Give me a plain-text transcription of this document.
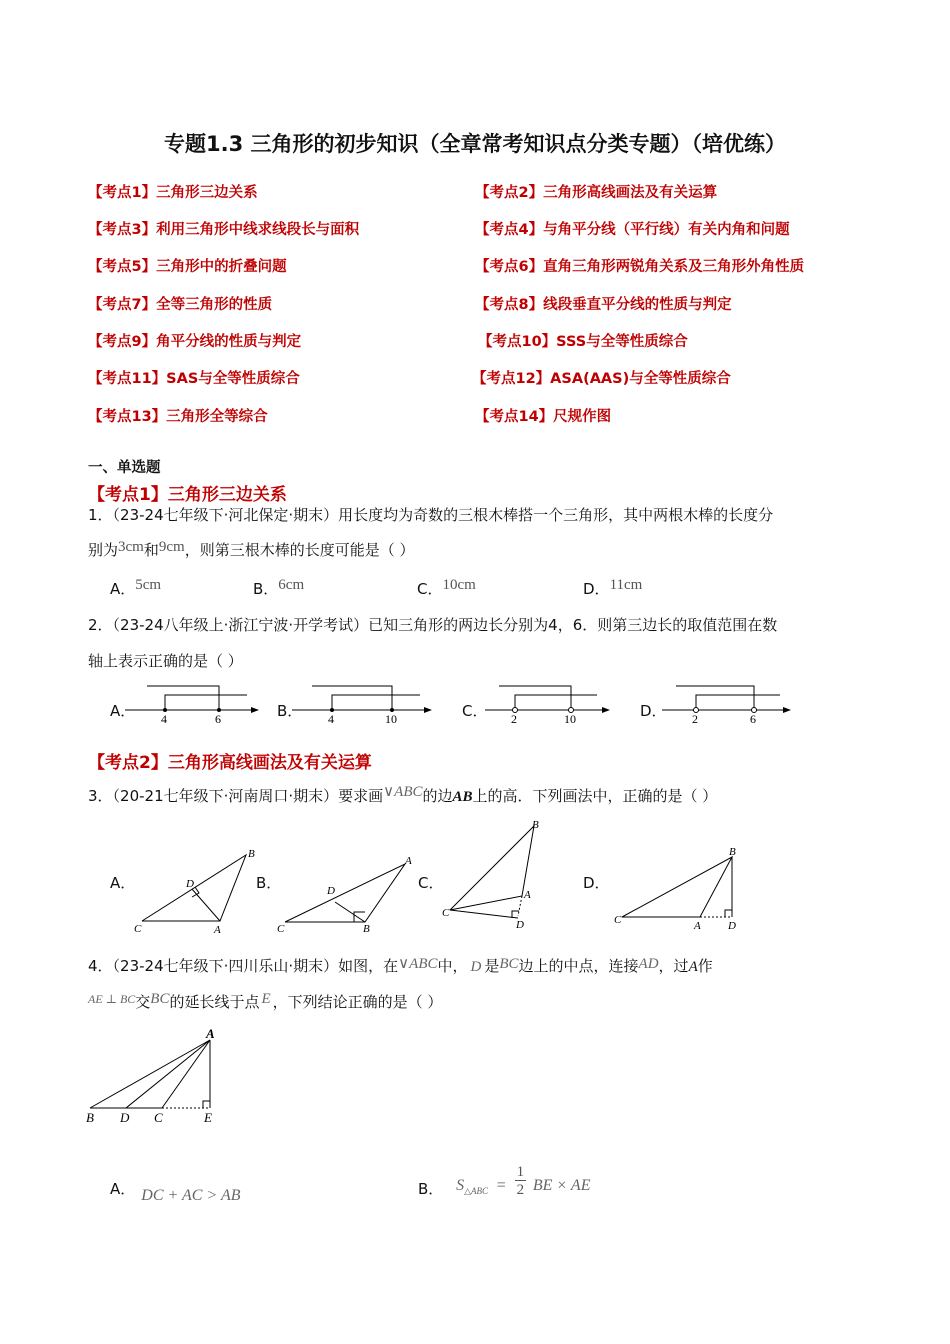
专题1.3 三角形的初步知识（全章常考知识点分类专题）（培优练）
【考点1】三角形三边关系	【考点2】三角形高线画法及有关运算
【考点3】利用三角形中线求线段长与面积	【考点4】与角平分线（平行线）有关内角和问题
【考点5】三角形中的折叠问题	【考点6】直角三角形两锐角关系及三角形外角性质
【考点7】全等三角形的性质	【考点8】线段垂直平分线的性质与判定
【考点9】角平分线的性质与判定	【考点10】SSS与全等性质综合
【考点11】SAS与全等性质综合	【考点12】ASA(AAS)与全等性质综合
【考点13】三角形全等综合	【考点14】尺规作图
一、单选题
【考点1】三角形三边关系
1．（23-24七年级下·河北保定·期末）用长度均为奇数的三根木棒搭一个三角形，其中两根木棒的长度分
别为3cm和9cm，则第三根木棒的长度可能是（ ）
A．5cm	B．6cm	C．10cm	D．11cm
2．（23-24八年级上·浙江宁波·开学考试）已知三角形的两边长分别为4，6．则第三边长的取值范围在数
轴上表示正确的是（ ）
A．	B．	C．	D．
4	6	4	10	2	10	2	6
【考点2】三角形高线画法及有关运算
3．（20-21七年级下·河南周口·期末）要求画∨ABC的边AB上的高．下列画法中，正确的是（ ）
A．	B．	C．	D．
B
C	A
D
A
C	B
D
B
A
C
D
B
C	A D
4．（23-24七年级下·四川乐山·期末）如图，在∨ABC中， D 是BC边上的中点，连接AD，过A作
$^{AE \perp BC}$交BC的延长线于点 E ，下列结论正确的是（ ）
A
B D C	E
A． DC + AC > AB	B． $S_{\triangle ABC} = \frac{1}{2}$ BE × AE
